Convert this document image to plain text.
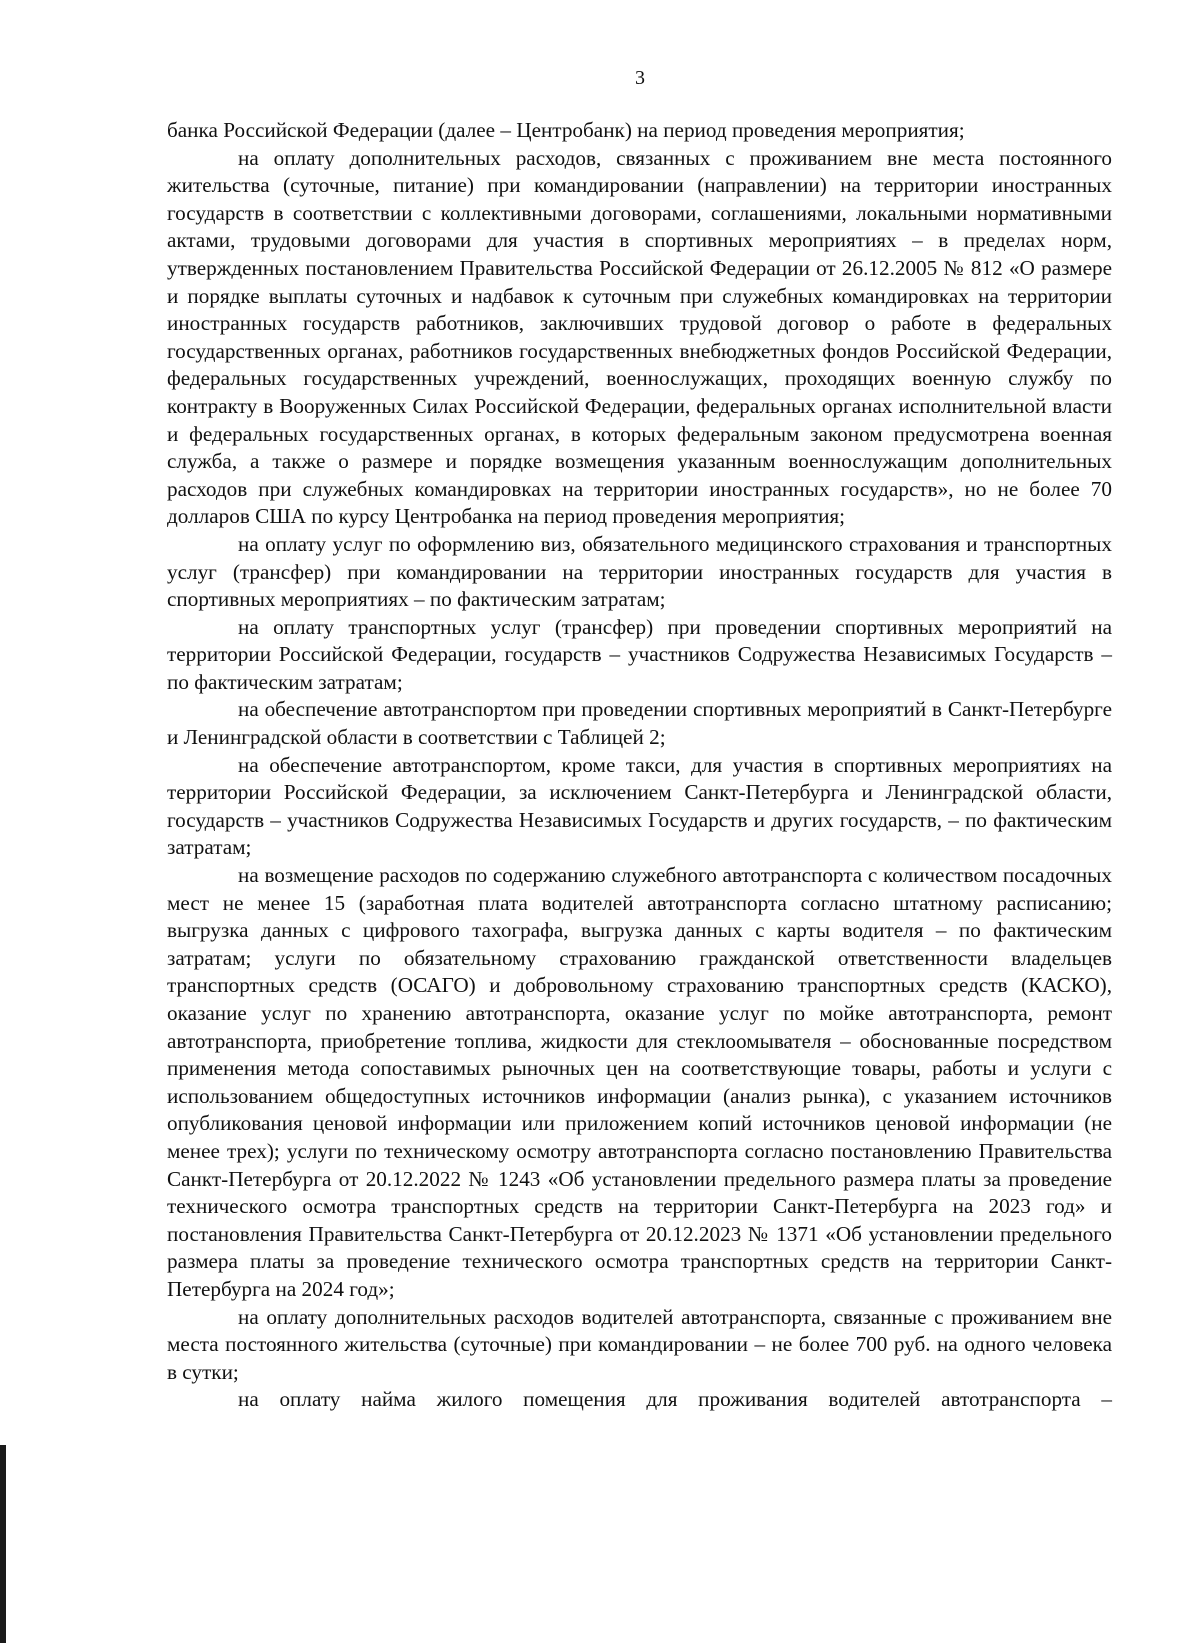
3

банка Российской Федерации (далее – Центробанк) на период проведения мероприятия;

на оплату дополнительных расходов, связанных с проживанием вне места постоянного жительства (суточные, питание) при командировании (направлении) на территории иностранных государств в соответствии с коллективными договорами, соглашениями, локальными нормативными актами, трудовыми договорами для участия в спортивных мероприятиях – в пределах норм, утвержденных постановлением Правительства Российской Федерации от 26.12.2005 № 812 «О размере и порядке выплаты суточных и надбавок к суточным при служебных командировках на территории иностранных государств работников, заключивших трудовой договор о работе в федеральных государственных органах, работников государственных внебюджетных фондов Российской Федерации, федеральных государственных учреждений, военнослужащих, проходящих военную службу по контракту в Вооруженных Силах Российской Федерации, федеральных органах исполнительной власти и федеральных государственных органах, в которых федеральным законом предусмотрена военная служба, а также о размере и порядке возмещения указанным военнослужащим дополнительных расходов при служебных командировках на территории иностранных государств», но не более 70 долларов США по курсу Центробанка на период проведения мероприятия;

на оплату услуг по оформлению виз, обязательного медицинского страхования и транспортных услуг (трансфер) при командировании на территории иностранных государств для участия в спортивных мероприятиях – по фактическим затратам;

на оплату транспортных услуг (трансфер) при проведении спортивных мероприятий на территории Российской Федерации, государств – участников Содружества Независимых Государств – по фактическим затратам;

на обеспечение автотранспортом при проведении спортивных мероприятий в Санкт-Петербурге и Ленинградской области в соответствии с Таблицей 2;

на обеспечение автотранспортом, кроме такси, для участия в спортивных мероприятиях на территории Российской Федерации, за исключением Санкт-Петербурга и Ленинградской области, государств – участников Содружества Независимых Государств и других государств, – по фактическим затратам;

на возмещение расходов по содержанию служебного автотранспорта с количеством посадочных мест не менее 15 (заработная плата водителей автотранспорта согласно штатному расписанию; выгрузка данных с цифрового тахографа, выгрузка данных с карты водителя – по фактическим затратам; услуги по обязательному страхованию гражданской ответственности владельцев транспортных средств (ОСАГО) и добровольному страхованию транспортных средств (КАСКО), оказание услуг по хранению автотранспорта, оказание услуг по мойке автотранспорта, ремонт автотранспорта, приобретение топлива, жидкости для стеклоомывателя – обоснованные посредством применения метода сопоставимых рыночных цен на соответствующие товары, работы и услуги с использованием общедоступных источников информации (анализ рынка), с указанием источников опубликования ценовой информации или приложением копий источников ценовой информации (не менее трех); услуги по техническому осмотру автотранспорта согласно постановлению Правительства Санкт-Петербурга от 20.12.2022 № 1243 «Об установлении предельного размера платы за проведение технического осмотра транспортных средств на территории Санкт-Петербурга на 2023 год» и постановления Правительства Санкт-Петербурга от 20.12.2023 № 1371 «Об установлении предельного размера платы за проведение технического осмотра транспортных средств на территории Санкт-Петербурга на 2024 год»;

на оплату дополнительных расходов водителей автотранспорта, связанные с проживанием вне места постоянного жительства (суточные) при командировании – не более 700 руб. на одного человека в сутки;

на оплату найма жилого помещения для проживания водителей автотранспорта –
